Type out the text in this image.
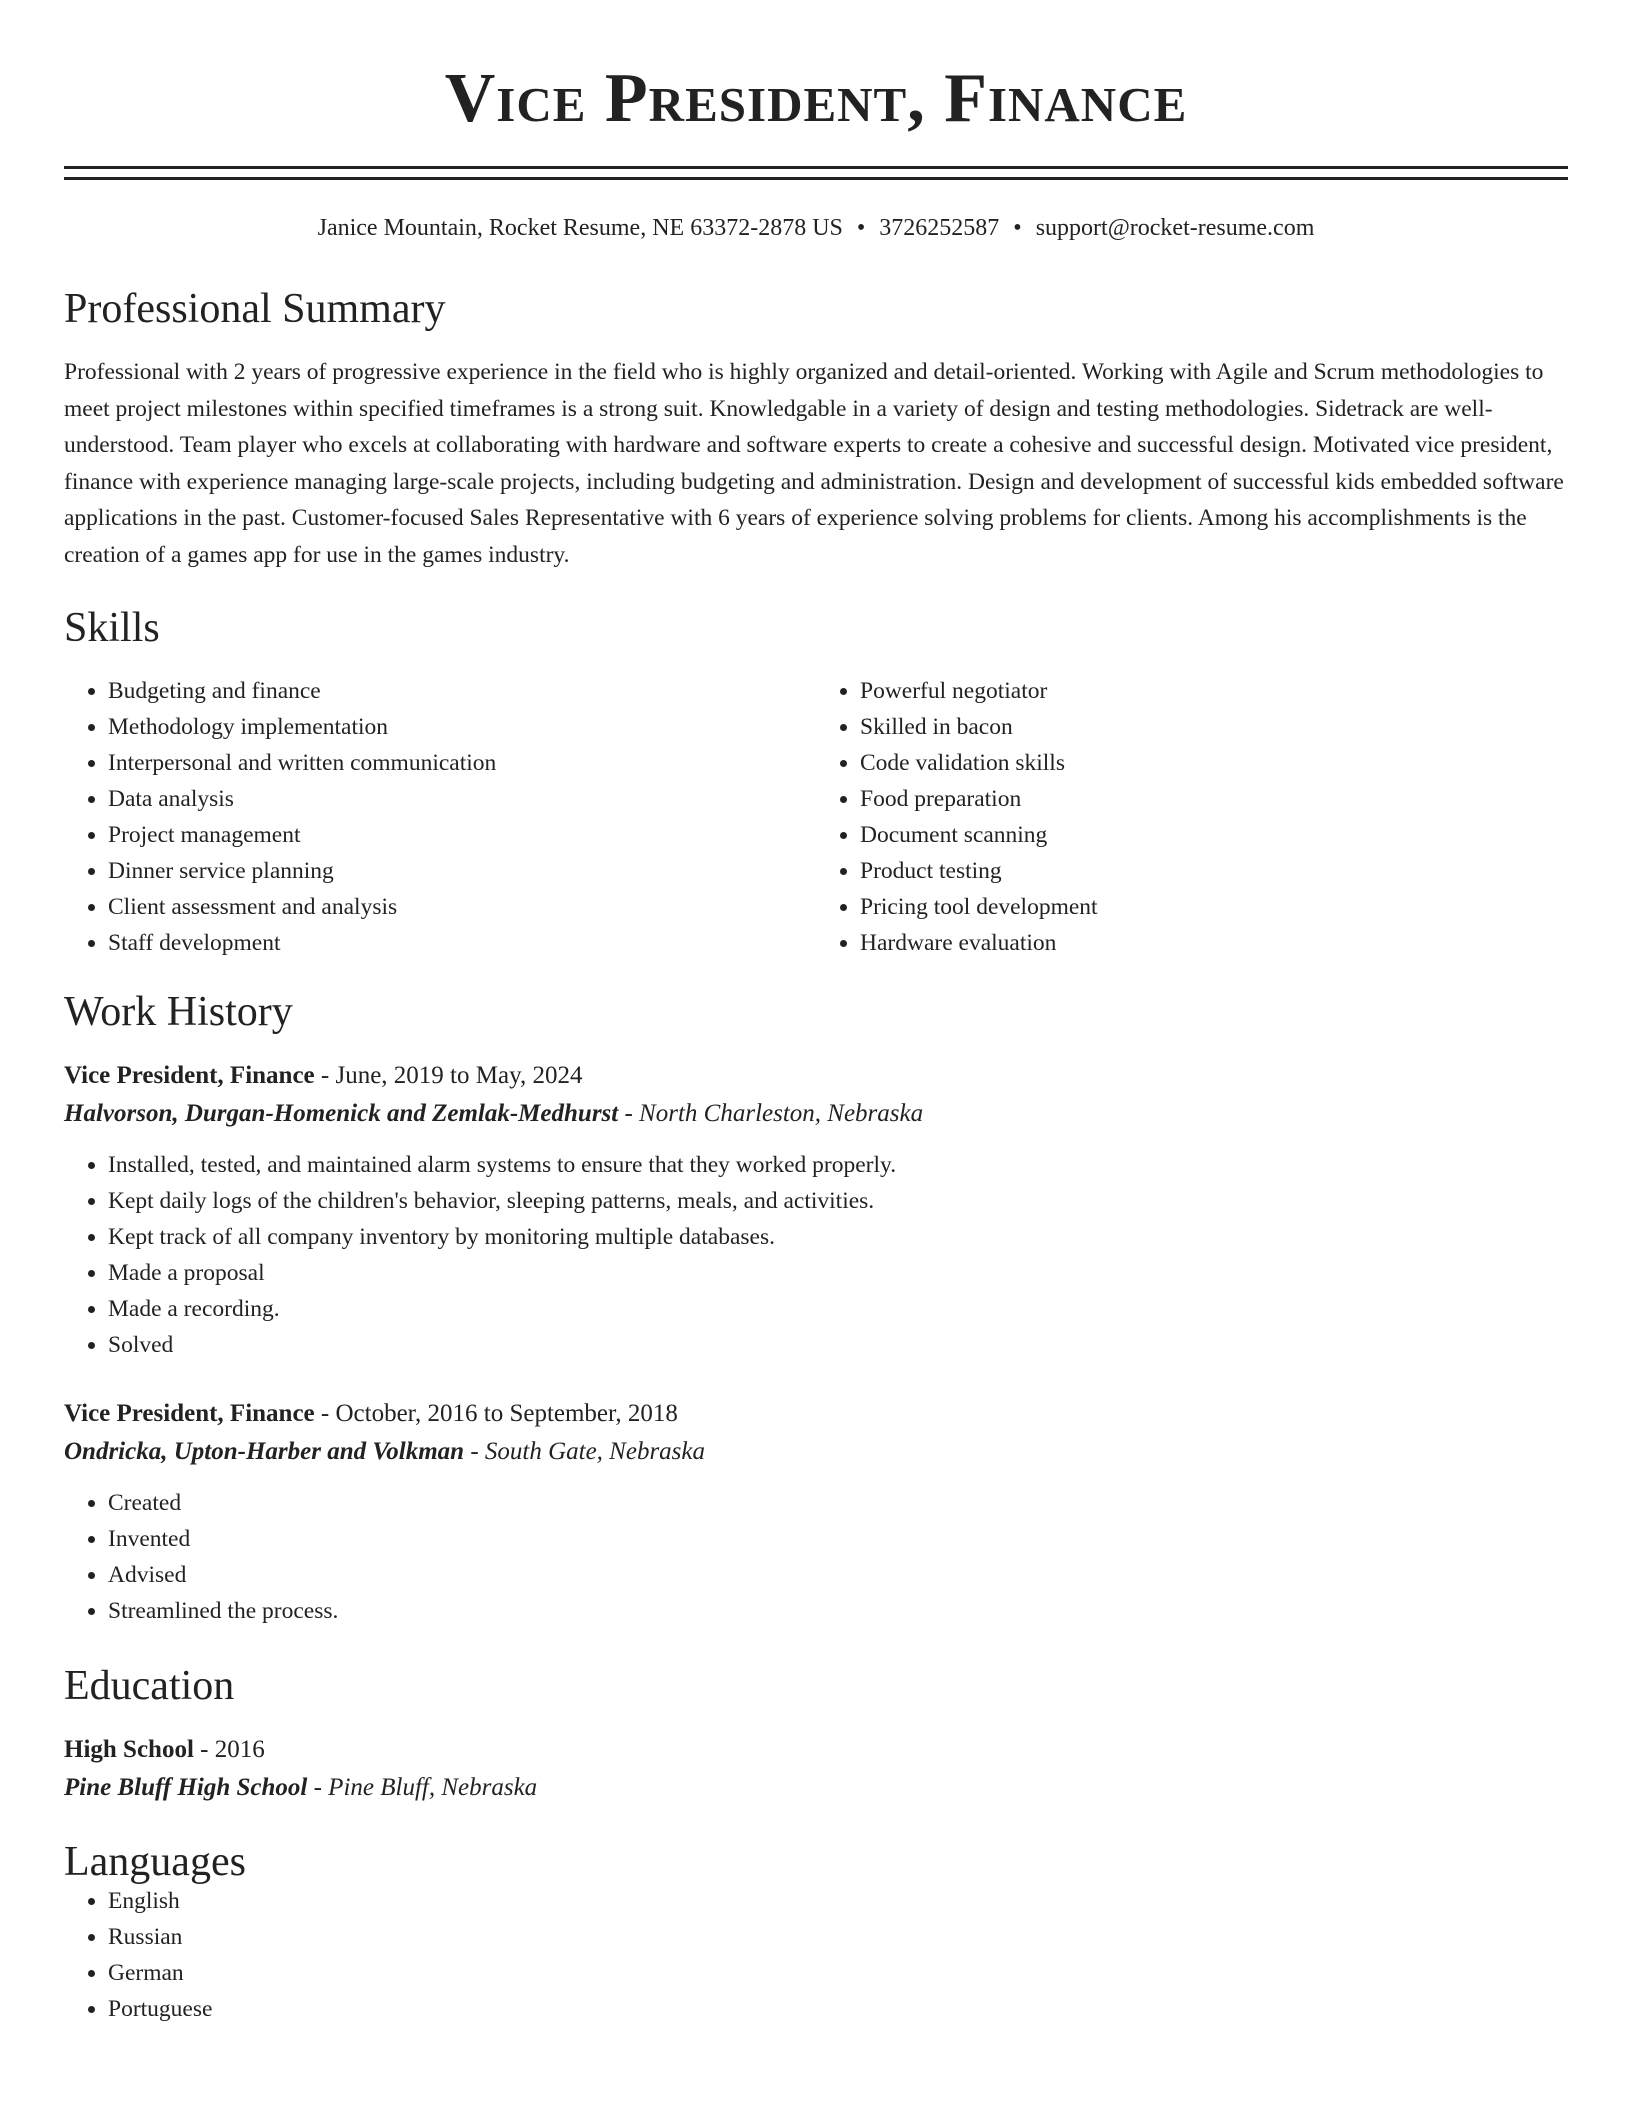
Vice President, Finance
Janice Mountain, Rocket Resume, NE 63372-2878 US • 3726252587 • support@rocket-resume.com
Professional Summary

Professional with 2 years of progressive experience in the field who is highly organized and detail-oriented. Working with Agile and Scrum methodologies to meet project milestones within specified timeframes is a strong suit. Knowledgable in a variety of design and testing methodologies. Sidetrack are well-understood. Team player who excels at collaborating with hardware and software experts to create a cohesive and successful design. Motivated vice president, finance with experience managing large-scale projects, including budgeting and administration. Design and development of successful kids embedded software applications in the past. Customer-focused Sales Representative with 6 years of experience solving problems for clients. Among his accomplishments is the creation of a games app for use in the games industry.

Skills
• Budgeting and finance
• Methodology implementation
• Interpersonal and written communication
• Data analysis
• Project management
• Dinner service planning
• Client assessment and analysis
• Staff development
• Powerful negotiator
• Skilled in bacon
• Code validation skills
• Food preparation
• Document scanning
• Product testing
• Pricing tool development
• Hardware evaluation
Work History
Vice President, Finance - June, 2019 to May, 2024
Halvorson, Durgan-Homenick and Zemlak-Medhurst - North Charleston, Nebraska
• Installed, tested, and maintained alarm systems to ensure that they worked properly.
• Kept daily logs of the children's behavior, sleeping patterns, meals, and activities.
• Kept track of all company inventory by monitoring multiple databases.
• Made a proposal
• Made a recording.
• Solved
Vice President, Finance - October, 2016 to September, 2018
Ondricka, Upton-Harber and Volkman - South Gate, Nebraska
• Created
• Invented
• Advised
• Streamlined the process.
Education
High School - 2016
Pine Bluff High School - Pine Bluff, Nebraska
Languages
• English
• Russian
• German
• Portuguese
